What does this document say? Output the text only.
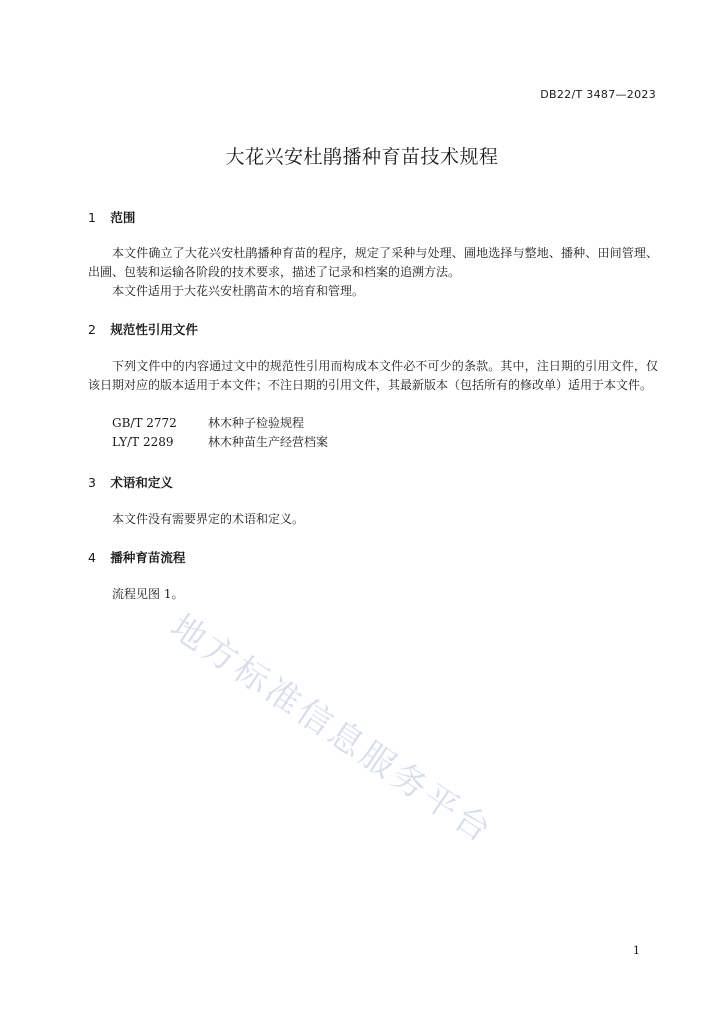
DB22/T 3487—2023
大花兴安杜鹃播种育苗技术规程
1 范围
本文件确立了大花兴安杜鹃播种育苗的程序，规定了采种与处理、圃地选择与整地、播种、田间管理、出圃、包装和运输各阶段的技术要求，描述了记录和档案的追溯方法。
本文件适用于大花兴安杜鹃苗木的培育和管理。
2 规范性引用文件
下列文件中的内容通过文中的规范性引用而构成本文件必不可少的条款。其中，注日期的引用文件，仅该日期对应的版本适用于本文件；不注日期的引用文件，其最新版本（包括所有的修改单）适用于本文件。
GB/T 2772	林木种子检验规程
LY/T 2289	林木种苗生产经营档案
3 术语和定义
本文件没有需要界定的术语和定义。
4 播种育苗流程
流程见图 1。
地方标准信息服务平台
1
